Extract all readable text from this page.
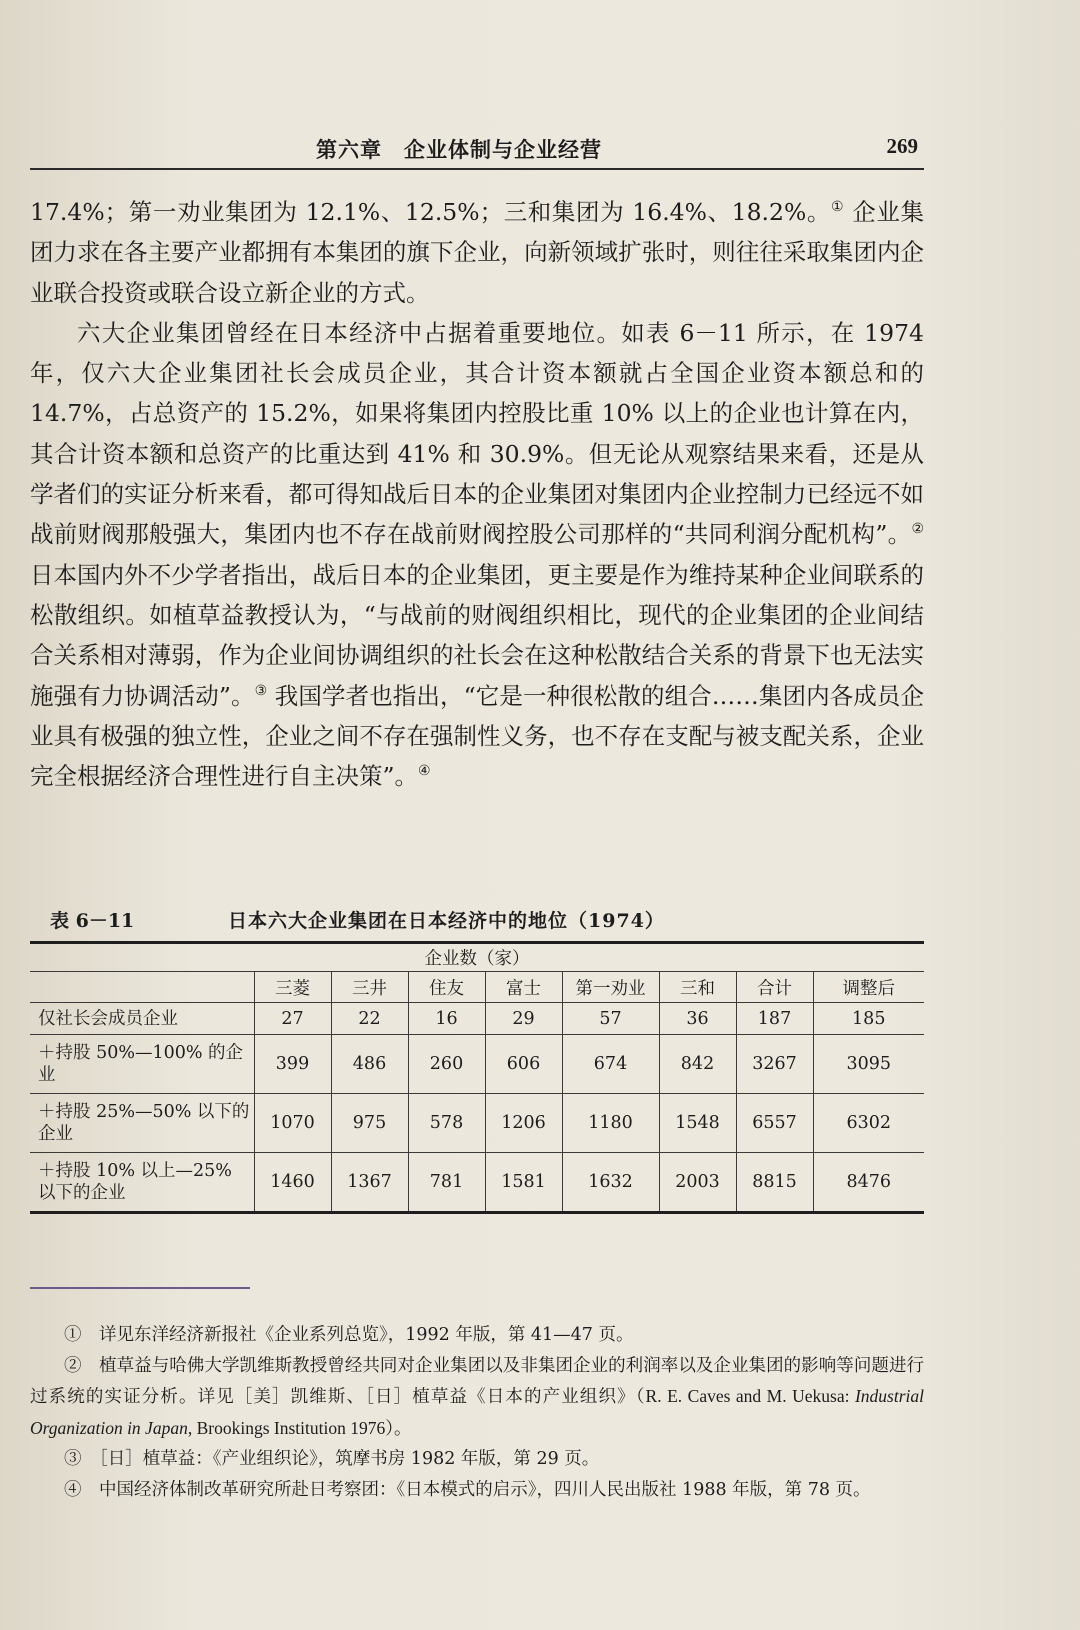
第六章　企业体制与企业经营	269

17.4%；第一劝业集团为 12.1%、12.5%；三和集团为 16.4%、18.2%。① 企业集团力求在各主要产业都拥有本集团的旗下企业，向新领域扩张时，则往往采取集团内企业联合投资或联合设立新企业的方式。

六大企业集团曾经在日本经济中占据着重要地位。如表 6－11 所示，在 1974 年，仅六大企业集团社长会成员企业，其合计资本额就占全国企业资本额总和的 14.7%，占总资产的 15.2%，如果将集团内控股比重 10% 以上的企业也计算在内，其合计资本额和总资产的比重达到 41% 和 30.9%。但无论从观察结果来看，还是从学者们的实证分析来看，都可得知战后日本的企业集团对集团内企业控制力已经远不如战前财阀那般强大，集团内也不存在战前财阀控股公司那样的“共同利润分配机构”。②日本国内外不少学者指出，战后日本的企业集团，更主要是作为维持某种企业间联系的松散组织。如植草益教授认为，“与战前的财阀组织相比，现代的企业集团的企业间结合关系相对薄弱，作为企业间协调组织的社长会在这种松散结合关系的背景下也无法实施强有力协调活动”。③ 我国学者也指出，“它是一种很松散的组合……集团内各成员企业具有极强的独立性，企业之间不存在强制性义务，也不存在支配与被支配关系，企业完全根据经济合理性进行自主决策”。④

表 6－11	日本六大企业集团在日本经济中的地位（1974）
企业数（家）								
	三菱	三井	住友	富士	第一劝业	三和	合计	调整后
仅社长会成员企业	27	22	16	29	57	36	187	185
＋持股 50%—100% 的企业	399	486	260	606	674	842	3267	3095
＋持股 25%—50% 以下的企业	1070	975	578	1206	1180	1548	6557	6302
＋持股 10% 以上—25% 以下的企业	1460	1367	781	1581	1632	2003	8815	8476

①　详见东洋经济新报社《企业系列总览》，1992 年版，第 41—47 页。

②　植草益与哈佛大学凯维斯教授曾经共同对企业集团以及非集团企业的利润率以及企业集团的影响等问题进行过系统的实证分析。详见［美］凯维斯、［日］植草益《日本的产业组织》（R. E. Caves and M. Uekusa: Industrial Organization in Japan, Brookings Institution 1976）。

③　［日］植草益：《产业组织论》，筑摩书房 1982 年版，第 29 页。

④　中国经济体制改革研究所赴日考察团：《日本模式的启示》，四川人民出版社 1988 年版，第 78 页。
